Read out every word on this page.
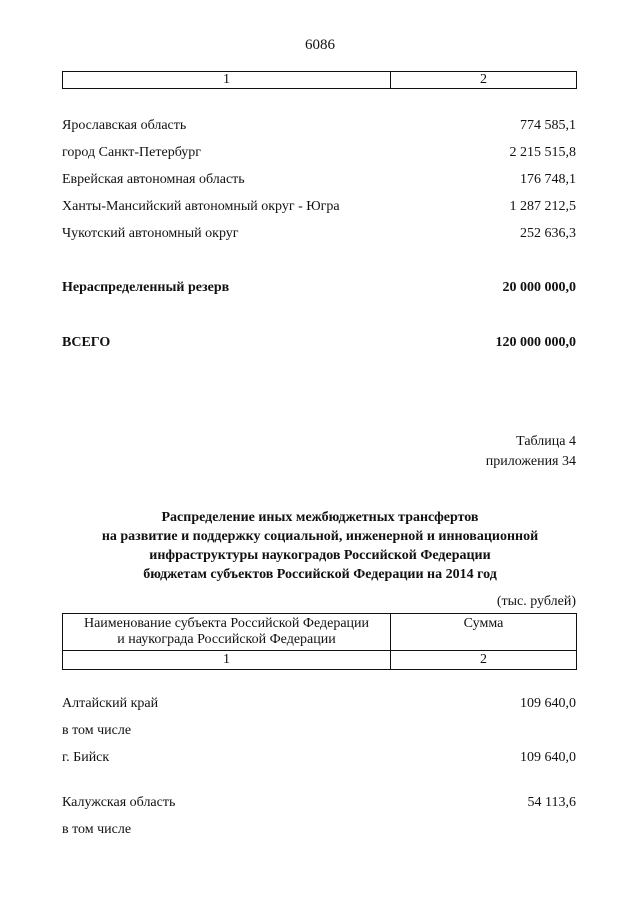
6086
1	2
Ярославская область	774 585,1
город Санкт-Петербург	2 215 515,8
Еврейская автономная область	176 748,1
Ханты-Мансийский автономный округ - Югра	1 287 212,5
Чукотский автономный округ	252 636,3
Нераспределенный резерв	20 000 000,0
ВСЕГО	120 000 000,0
Таблица 4
приложения 34
Распределение иных межбюджетных трансфертов
на развитие и поддержку социальной, инженерной и инновационной
инфраструктуры наукоградов Российской Федерации
бюджетам субъектов Российской Федерации на 2014 год
(тыс. рублей)
Наименование субъекта Российской Федерации
и наукограда Российской Федерации
Сумма
1	2
Алтайский край	109 640,0
в том числе
г. Бийск	109 640,0
Калужская область	54 113,6
в том числе
